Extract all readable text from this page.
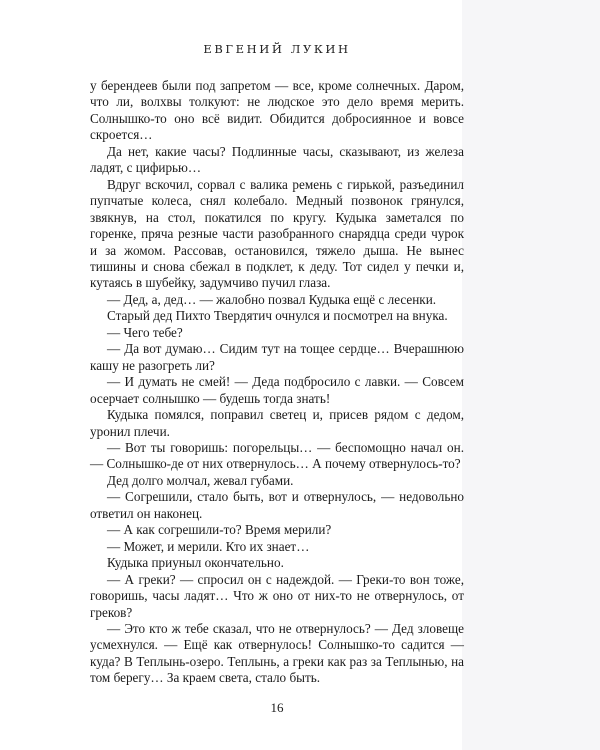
ЕВГЕНИЙ ЛУКИН

у берендеев были под запретом — все, кроме солнечных. Даром, что ли, волхвы толкуют: не людское это дело время мерить. Солнышко-то оно всё видит. Обидится добросиянное и вовсе скроется…

Да нет, какие часы? Подлинные часы, сказывают, из железа ладят, с цифирью…

Вдруг вскочил, сорвал с валика ремень с гирькой, разъединил пупчатые колеса, снял колебало. Медный позвонок грянулся, звякнув, на стол, покатился по кругу. Кудыка заметался по горенке, пряча резные части разобранного снарядца среди чурок и за жомом. Рассовав, остановился, тяжело дыша. Не вынес тишины и снова сбежал в подклет, к деду. Тот сидел у печки и, кутаясь в шубейку, задумчиво пучил глаза.

— Дед, а, дед… — жалобно позвал Кудыка ещё с лесенки.

Старый дед Пихто Твердятич очнулся и посмотрел на внука.

— Чего тебе?

— Да вот думаю… Сидим тут на тощее сердце… Вчерашнюю кашу не разогреть ли?

— И думать не смей! — Деда подбросило с лавки. — Совсем осерчает солнышко — будешь тогда знать!

Кудыка помялся, поправил светец и, присев рядом с дедом, уронил плечи.

— Вот ты говоришь: погорельцы… — беспомощно начал он. — Солнышко-де от них отвернулось… А почему отвернулось-то?

Дед долго молчал, жевал губами.

— Согрешили, стало быть, вот и отвернулось, — недовольно ответил он наконец.

— А как согрешили-то? Время мерили?

— Может, и мерили. Кто их знает…

Кудыка приуныл окончательно.

— А греки? — спросил он с надеждой. — Греки-то вон тоже, говоришь, часы ладят… Что ж оно от них-то не отвернулось, от греков?

— Это кто ж тебе сказал, что не отвернулось? — Дед зловеще усмехнулся. — Ещё как отвернулось! Солнышко-то садится — куда? В Теплынь-озеро. Теплынь, а греки как раз за Теплынью, на том берегу… За краем света, стало быть.

16
